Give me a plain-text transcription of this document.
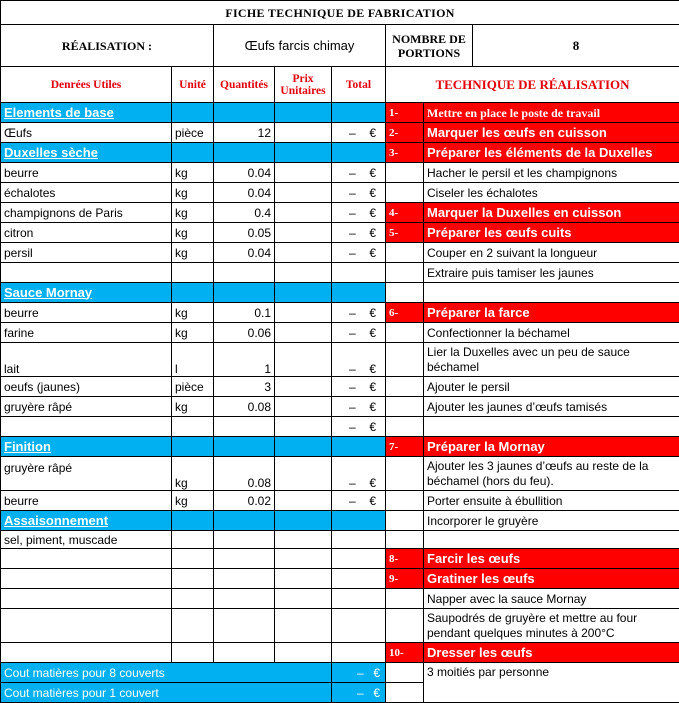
FICHE TECHNIQUE DE FABRICATION						
RÉALISATION :		Œufs farcis chimay			NOMBRE DE PORTIONS 8	

Denrées Utiles	Unité	Quantités	Prix Unitaires	Total	TECHNIQUE DE RÉALISATION	
Elements de base					1-	Mettre en place le poste de travail
Œufs	pièce	12		– €	2-	Marquer les œufs en cuisson
Duxelles sèche					3-	Préparer les éléments de la Duxelles
beurre	kg	0.04		– €		Hacher le persil et les champignons
échalotes	kg	0.04		– €		Ciseler les échalotes
champignons de Paris	kg	0.4		– €	4-	Marquer la Duxelles en cuisson
citron	kg	0.05		– €	5-	Préparer les œufs cuits
persil	kg	0.04		– €		Couper en 2 suivant la longueur
						Extraire puis tamiser les jaunes
Sauce Mornay						
beurre	kg	0.1		– €	6-	Préparer la farce
farine	kg	0.06		– €		Confectionner la béchamel
lait	l	1		– €		Lier la Duxelles avec un peu de sauce béchamel
oeufs (jaunes)	pièce	3		– €		Ajouter le persil
gruyère râpé	kg	0.08		– €		Ajouter les jaunes d’œufs tamisés

				– €		

Finition					7-	Préparer la Mornay
gruyère râpé	kg	0.08		– €		Ajouter les 3 jaunes d’œufs au reste de la béchamel (hors du feu).
beurre	kg	0.02		– €		Porter ensuite à ébullition
Assaisonnement						Incorporer le gruyère
sel, piment, muscade						
					8-	Farcir les œufs
					9-	Gratiner les œufs
						Napper avec la sauce Mornay
						Saupodrés de gruyère et mettre au four pendant quelques minutes à 200°C
					10-	Dresser les œufs
Cout matières pour 8 couverts				– €		3 moitiés par personne
Cout matières pour 1 couvert				– €		
